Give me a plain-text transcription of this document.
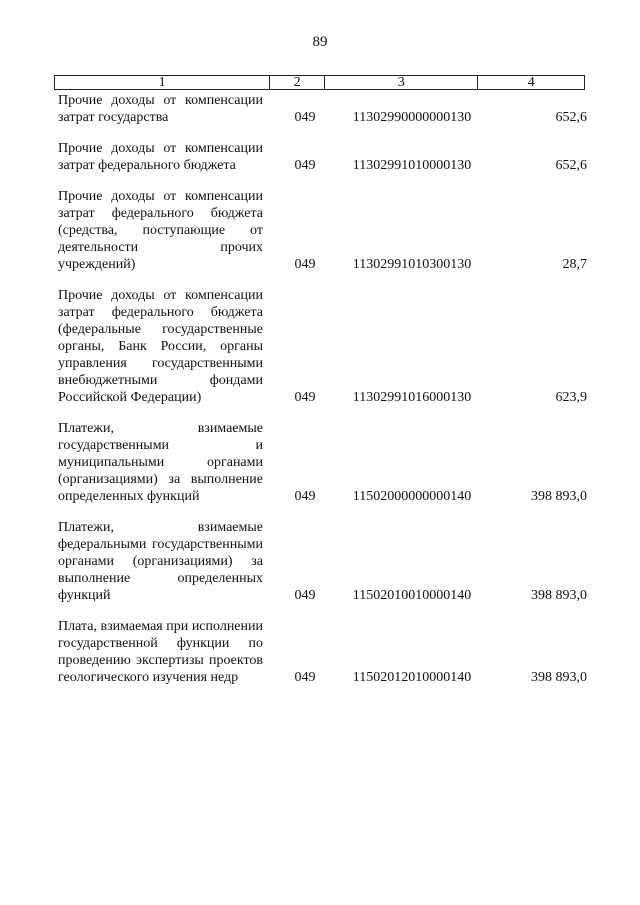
89
1	2	3	4
Прочие доходы от компенсации затрат государства	049	11302990000000130	652,6
Прочие доходы от компенсации затрат федерального бюджета	049	11302991010000130	652,6
Прочие доходы от компенсации затрат федерального бюджета (средства, поступающие от деятельности прочих учреждений)	049	11302991010300130	28,7
Прочие доходы от компенсации затрат федерального бюджета (федеральные государственные органы, Банк России, органы управления государственными внебюджетными фондами Российской Федерации)	049	11302991016000130	623,9
Платежи, взимаемые государственными и муниципальными органами (организациями) за выполнение определенных функций	049	11502000000000140	398 893,0
Платежи, взимаемые федеральными государственными органами (организациями) за выполнение определенных функций	049	11502010010000140	398 893,0
Плата, взимаемая при исполнении государственной функции по проведению экспертизы проектов геологического изучения недр	049	11502012010000140	398 893,0
